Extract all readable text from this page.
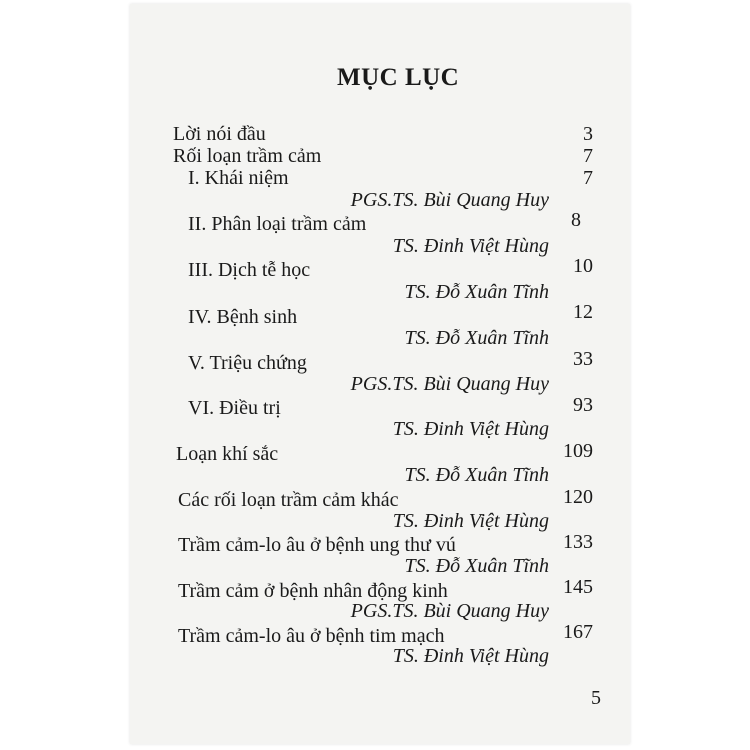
MỤC LỤC
Lời nói đầu	3
Rối loạn trầm cảm	7
I. Khái niệm	7
PGS.TS. Bùi Quang Huy
II. Phân loại trầm cảm	8
TS. Đinh Việt Hùng
III. Dịch tễ học	10
TS. Đỗ Xuân Tĩnh
IV. Bệnh sinh	12
TS. Đỗ Xuân Tĩnh
V. Triệu chứng	33
PGS.TS. Bùi Quang Huy
VI. Điều trị	93
TS. Đinh Việt Hùng
Loạn khí sắc	109
TS. Đỗ Xuân Tĩnh
Các rối loạn trầm cảm khác	120
TS. Đinh Việt Hùng
Trầm cảm-lo âu ở bệnh ung thư vú	133
TS. Đỗ Xuân Tĩnh
Trầm cảm ở bệnh nhân động kinh	145
PGS.TS. Bùi Quang Huy
Trầm cảm-lo âu ở bệnh tim mạch	167
TS. Đinh Việt Hùng
5
